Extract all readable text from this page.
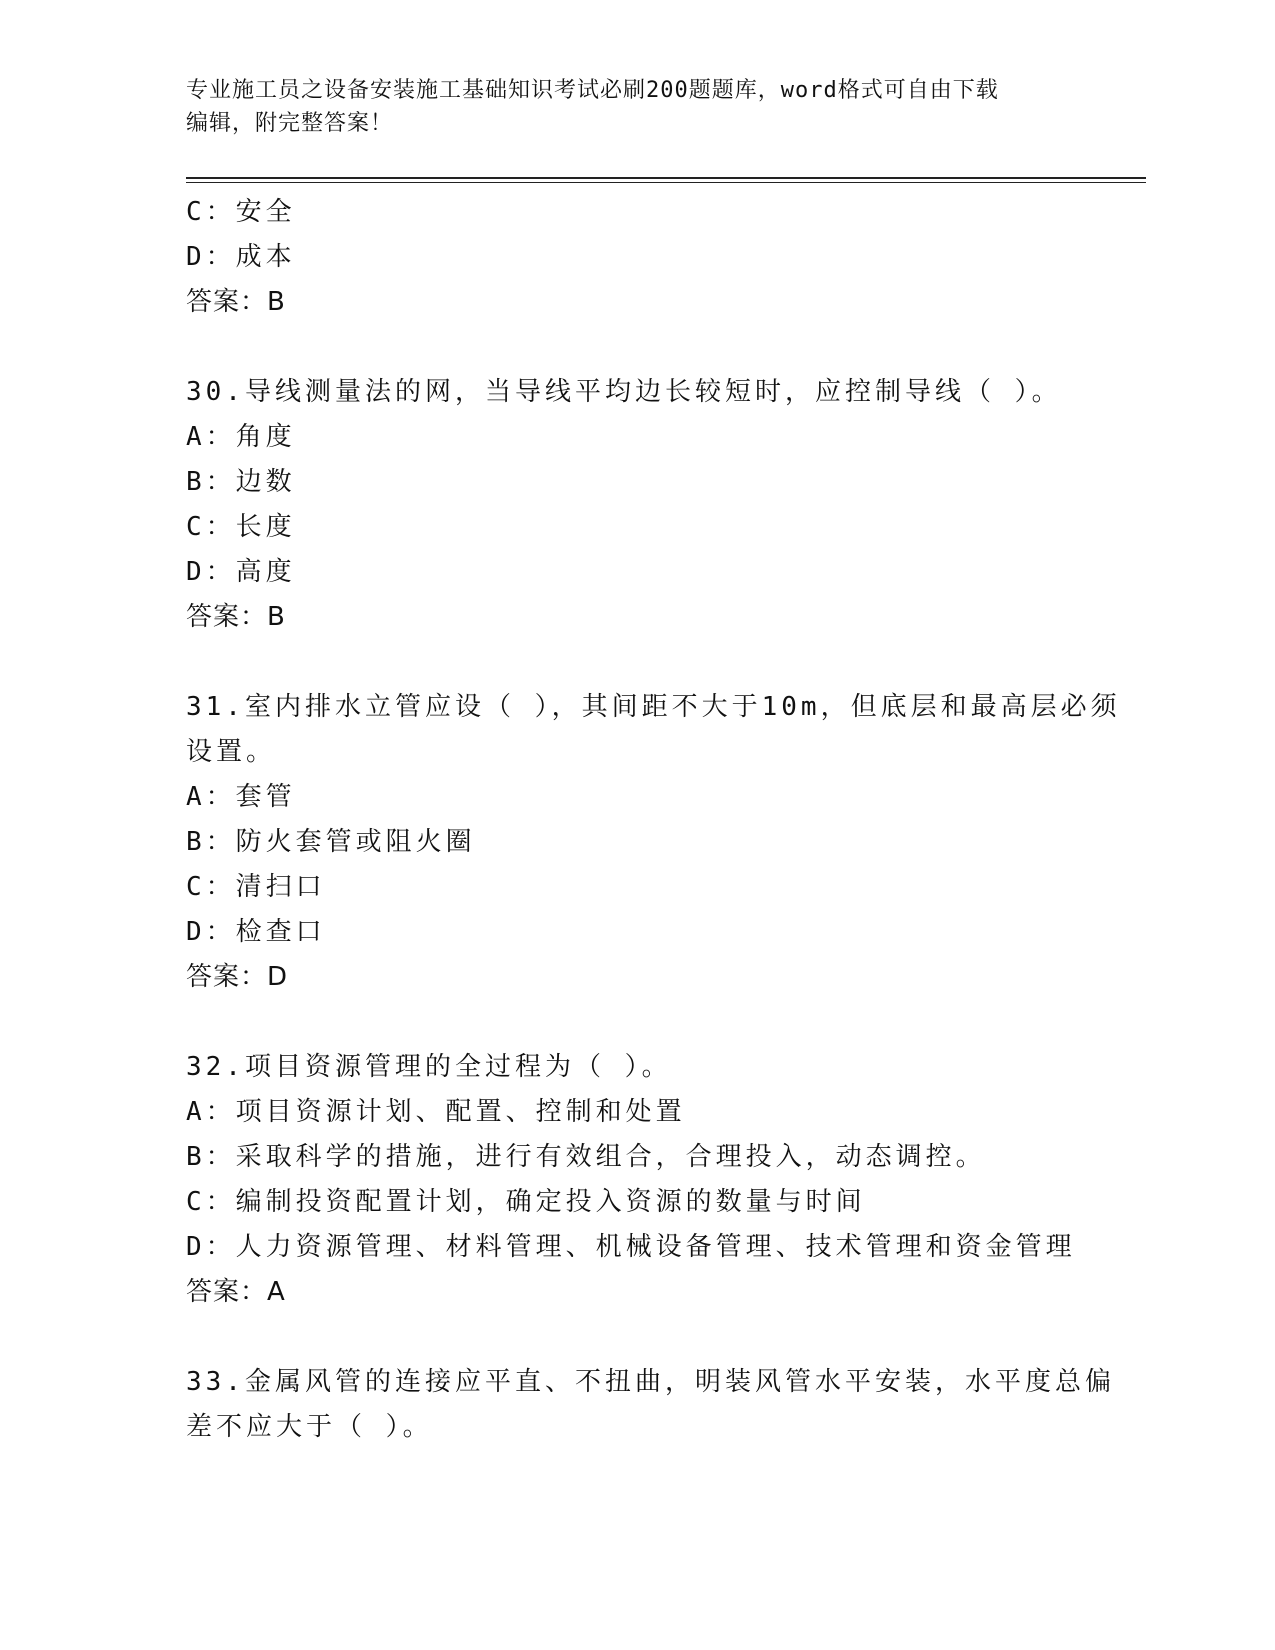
专业施工员之设备安装施工基础知识考试必刷200题题库，word格式可自由下载
编辑，附完整答案！
C：安全
D：成本
答案：B
30.导线测量法的网，当导线平均边长较短时，应控制导线（ ）。
A：角度
B：边数
C：长度
D：高度
答案：B
31.室内排水立管应设（ ），其间距不大于10m，但底层和最高层必须
设置。
A：套管
B：防火套管或阻火圈
C：清扫口
D：检查口
答案：D
32.项目资源管理的全过程为（ ）。
A：项目资源计划、配置、控制和处置
B：采取科学的措施，进行有效组合，合理投入，动态调控。
C：编制投资配置计划，确定投入资源的数量与时间
D：人力资源管理、材料管理、机械设备管理、技术管理和资金管理
答案：A
33.金属风管的连接应平直、不扭曲，明装风管水平安装，水平度总偏
差不应大于（ ）。
